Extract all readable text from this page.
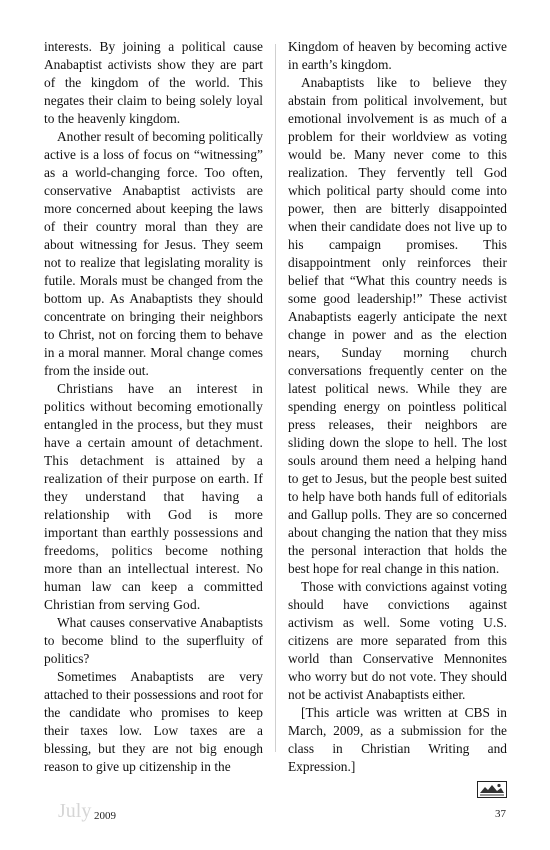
interests. By joining a political cause Anabaptist activists show they are part of the kingdom of the world. This negates their claim to being solely loyal to the heavenly kingdom.

Another result of becoming politically active is a loss of focus on “witnessing” as a world-changing force. Too often, conservative Anabaptist activists are more concerned about keeping the laws of their country moral than they are about witnessing for Jesus. They seem not to realize that legislating morality is futile. Morals must be changed from the bottom up. As Anabaptists they should concentrate on bringing their neighbors to Christ, not on forcing them to behave in a moral manner. Moral change comes from the inside out.

Christians have an interest in politics without becoming emotionally entangled in the process, but they must have a certain amount of detachment. This detachment is attained by a realization of their purpose on earth. If they understand that having a relationship with God is more important than earthly possessions and freedoms, politics become nothing more than an intellectual interest. No human law can keep a committed Christian from serving God.

What causes conservative Anabaptists to become blind to the superfluity of politics?

Sometimes Anabaptists are very attached to their possessions and root for the candidate who promises to keep their taxes low. Low taxes are a blessing, but they are not big enough reason to give up citizenship in the

Kingdom of heaven by becoming active in earth’s kingdom.

Anabaptists like to believe they abstain from political involvement, but emotional involvement is as much of a problem for their worldview as voting would be. Many never come to this realization. They fervently tell God which political party should come into power, then are bitterly disappointed when their candidate does not live up to his campaign promises. This disappointment only reinforces their belief that “What this country needs is some good leadership!” These activist Anabaptists eagerly anticipate the next change in power and as the election nears, Sunday morning church conversations frequently center on the latest political news. While they are spending energy on pointless political press releases, their neighbors are sliding down the slope to hell. The lost souls around them need a helping hand to get to Jesus, but the people best suited to help have both hands full of editorials and Gallup polls. They are so concerned about changing the nation that they miss the personal interaction that holds the best hope for real change in this nation.

Those with convictions against voting should have convictions against activism as well. Some voting U.S. citizens are more separated from this world than Conservative Mennonites who worry but do not vote. They should not be activist Anabaptists either.

[This article was written at CBS in March, 2009, as a submission for the class in Christian Writing and Expression.]

July 2009	37
